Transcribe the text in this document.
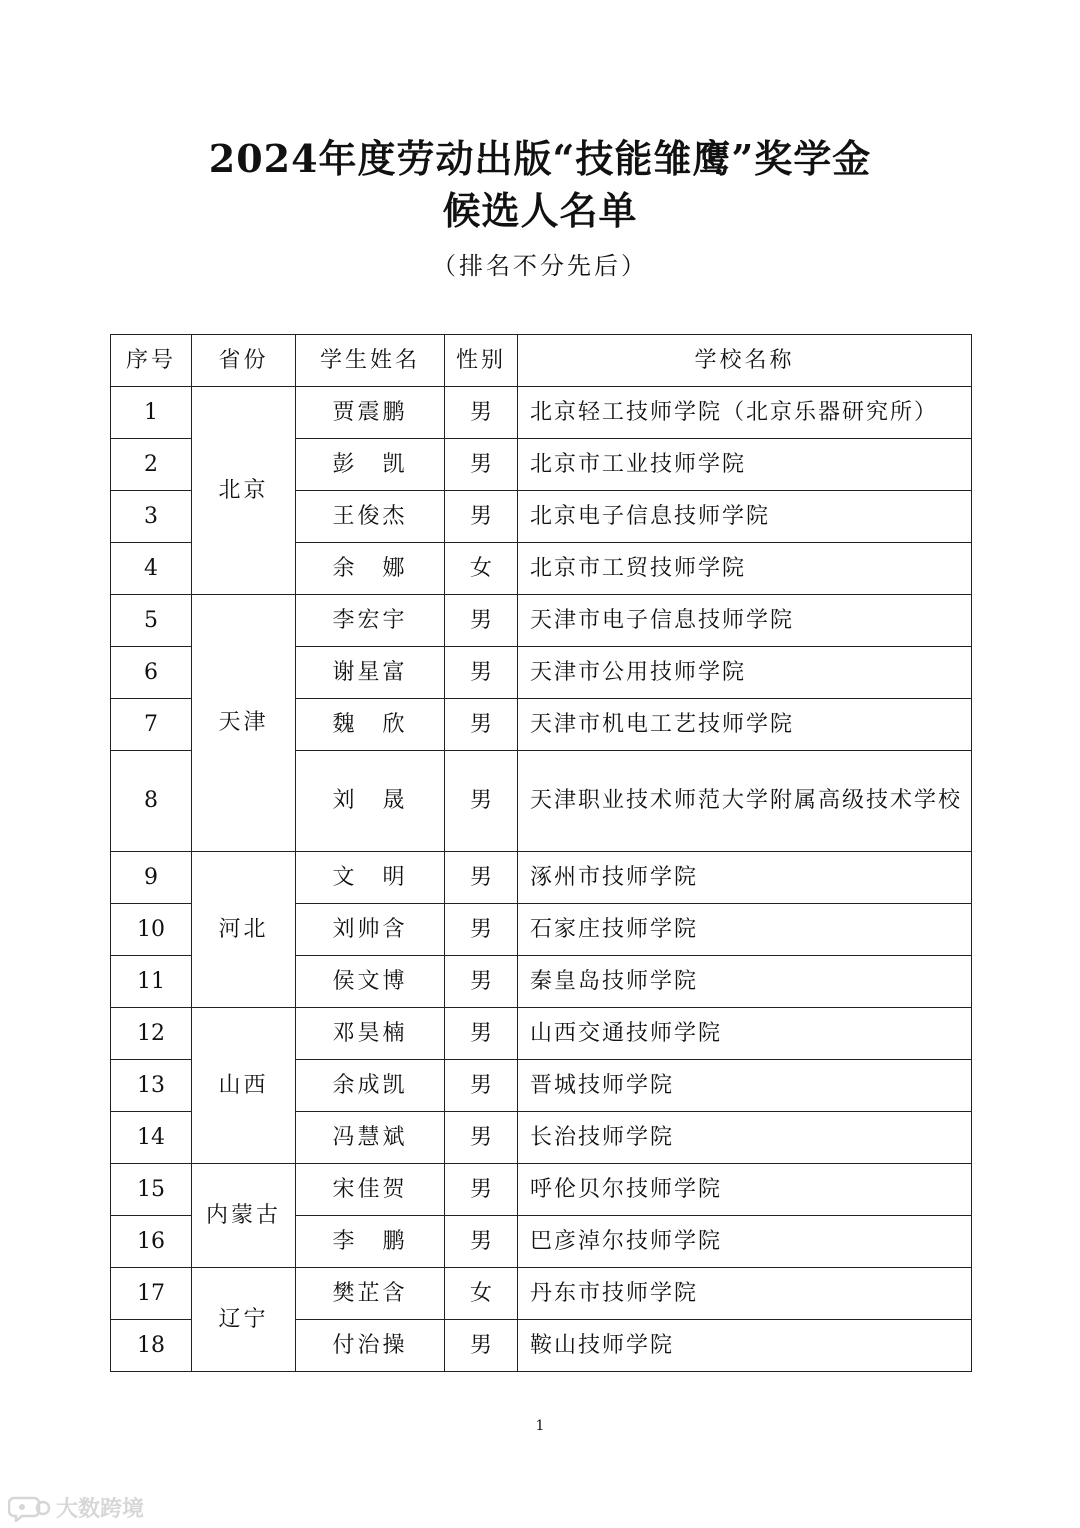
2024年度劳动出版“技能雏鹰”奖学金
候选人名单
（排名不分先后）
序号	省份	学生姓名	性别	学校名称
1	北京	贾震鹏	男	北京轻工技师学院（北京乐器研究所）
2		彭　凯	男	北京市工业技师学院
3		王俊杰	男	北京电子信息技师学院
4		余　娜	女	北京市工贸技师学院
5	天津	李宏宇	男	天津市电子信息技师学院
6		谢星富	男	天津市公用技师学院
7		魏　欣	男	天津市机电工艺技师学院
8		刘　晟	男	天津职业技术师范大学附属高级技术学校
9	河北	文　明	男	涿州市技师学院
10		刘帅含	男	石家庄技师学院
11		侯文博	男	秦皇岛技师学院
12	山西	邓昊楠	男	山西交通技师学院
13		余成凯	男	晋城技师学院
14		冯慧斌	男	长治技师学院
15	内蒙古	宋佳贺	男	呼伦贝尔技师学院
16		李　鹏	男	巴彦淖尔技师学院
17	辽宁	樊芷含	女	丹东市技师学院
18		付治操	男	鞍山技师学院
1
大数跨境
